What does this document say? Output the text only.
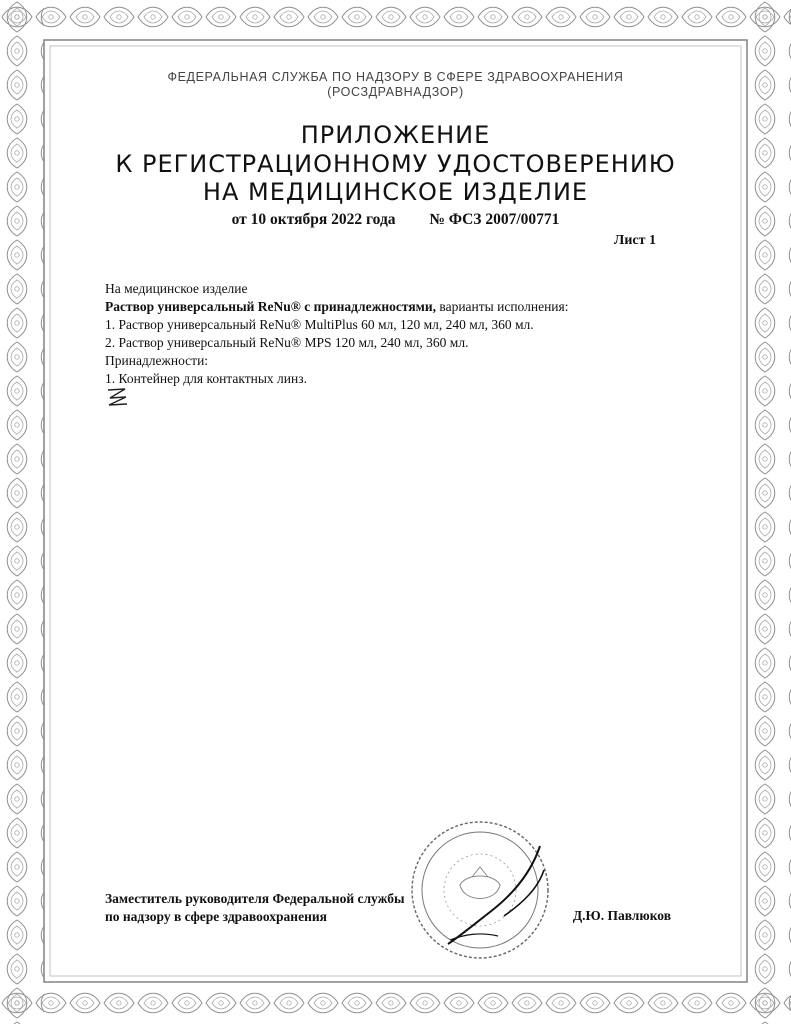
ФЕДЕРАЛЬНАЯ СЛУЖБА ПО НАДЗОРУ В СФЕРЕ ЗДРАВООХРАНЕНИЯ
(РОСЗДРАВНАДЗОР)
ПРИЛОЖЕНИЕ
К РЕГИСТРАЦИОННОМУ УДОСТОВЕРЕНИЮ
НА МЕДИЦИНСКОЕ ИЗДЕЛИЕ
от 10 октября 2022 года № ФСЗ 2007/00771
Лист 1

На медицинское изделие

Раствор универсальный ReNu® с принадлежностями, варианты исполнения:

1. Раствор универсальный ReNu® MultiPlus 60 мл, 120 мл, 240 мл, 360 мл.

2. Раствор универсальный ReNu® MPS 120 мл, 240 мл, 360 мл.

Принадлежности:

1. Контейнер для контактных линз.

Заместитель руководителя Федеральной службы

по надзору в сфере здравоохранения	Д.Ю. Павлюков
